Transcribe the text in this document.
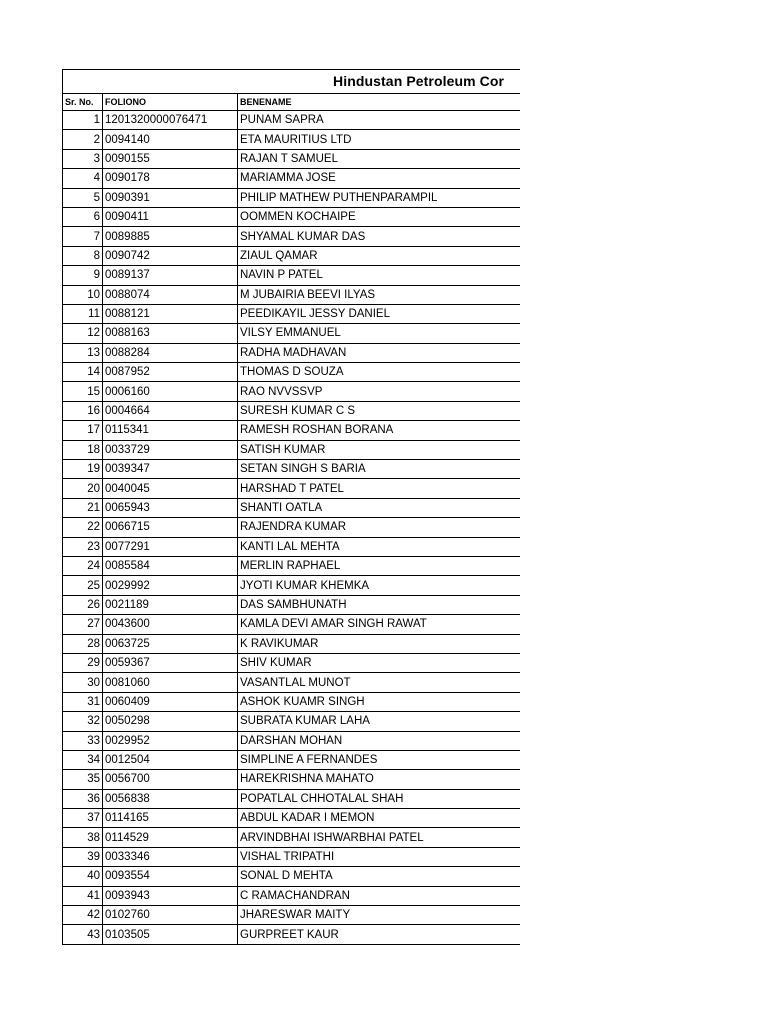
Hindustan Petroleum Cor
Sr. No.	FOLIONO	BENENAME
1	1201320000076471	PUNAM SAPRA
2	0094140	ETA MAURITIUS LTD
3	0090155	RAJAN T SAMUEL
4	0090178	MARIAMMA JOSE
5	0090391	PHILIP MATHEW PUTHENPARAMPIL
6	0090411	OOMMEN KOCHAIPE
7	0089885	SHYAMAL KUMAR DAS
8	0090742	ZIAUL QAMAR
9	0089137	NAVIN P PATEL
10	0088074	M JUBAIRIA BEEVI ILYAS
11	0088121	PEEDIKAYIL JESSY DANIEL
12	0088163	VILSY EMMANUEL
13	0088284	RADHA MADHAVAN
14	0087952	THOMAS D SOUZA
15	0006160	RAO NVVSSVP
16	0004664	SURESH KUMAR C S
17	0115341	RAMESH ROSHAN BORANA
18	0033729	SATISH KUMAR
19	0039347	SETAN SINGH S BARIA
20	0040045	HARSHAD T PATEL
21	0065943	SHANTI OATLA
22	0066715	RAJENDRA KUMAR
23	0077291	KANTI LAL MEHTA
24	0085584	MERLIN RAPHAEL
25	0029992	JYOTI KUMAR KHEMKA
26	0021189	DAS SAMBHUNATH
27	0043600	KAMLA DEVI AMAR SINGH RAWAT
28	0063725	K RAVIKUMAR
29	0059367	SHIV KUMAR
30	0081060	VASANTLAL MUNOT
31	0060409	ASHOK KUAMR SINGH
32	0050298	SUBRATA KUMAR LAHA
33	0029952	DARSHAN MOHAN
34	0012504	SIMPLINE A FERNANDES
35	0056700	HAREKRISHNA MAHATO
36	0056838	POPATLAL CHHOTALAL SHAH
37	0114165	ABDUL KADAR I MEMON
38	0114529	ARVINDBHAI ISHWARBHAI PATEL
39	0033346	VISHAL TRIPATHI
40	0093554	SONAL D MEHTA
41	0093943	C RAMACHANDRAN
42	0102760	JHARESWAR MAITY
43	0103505	GURPREET KAUR
